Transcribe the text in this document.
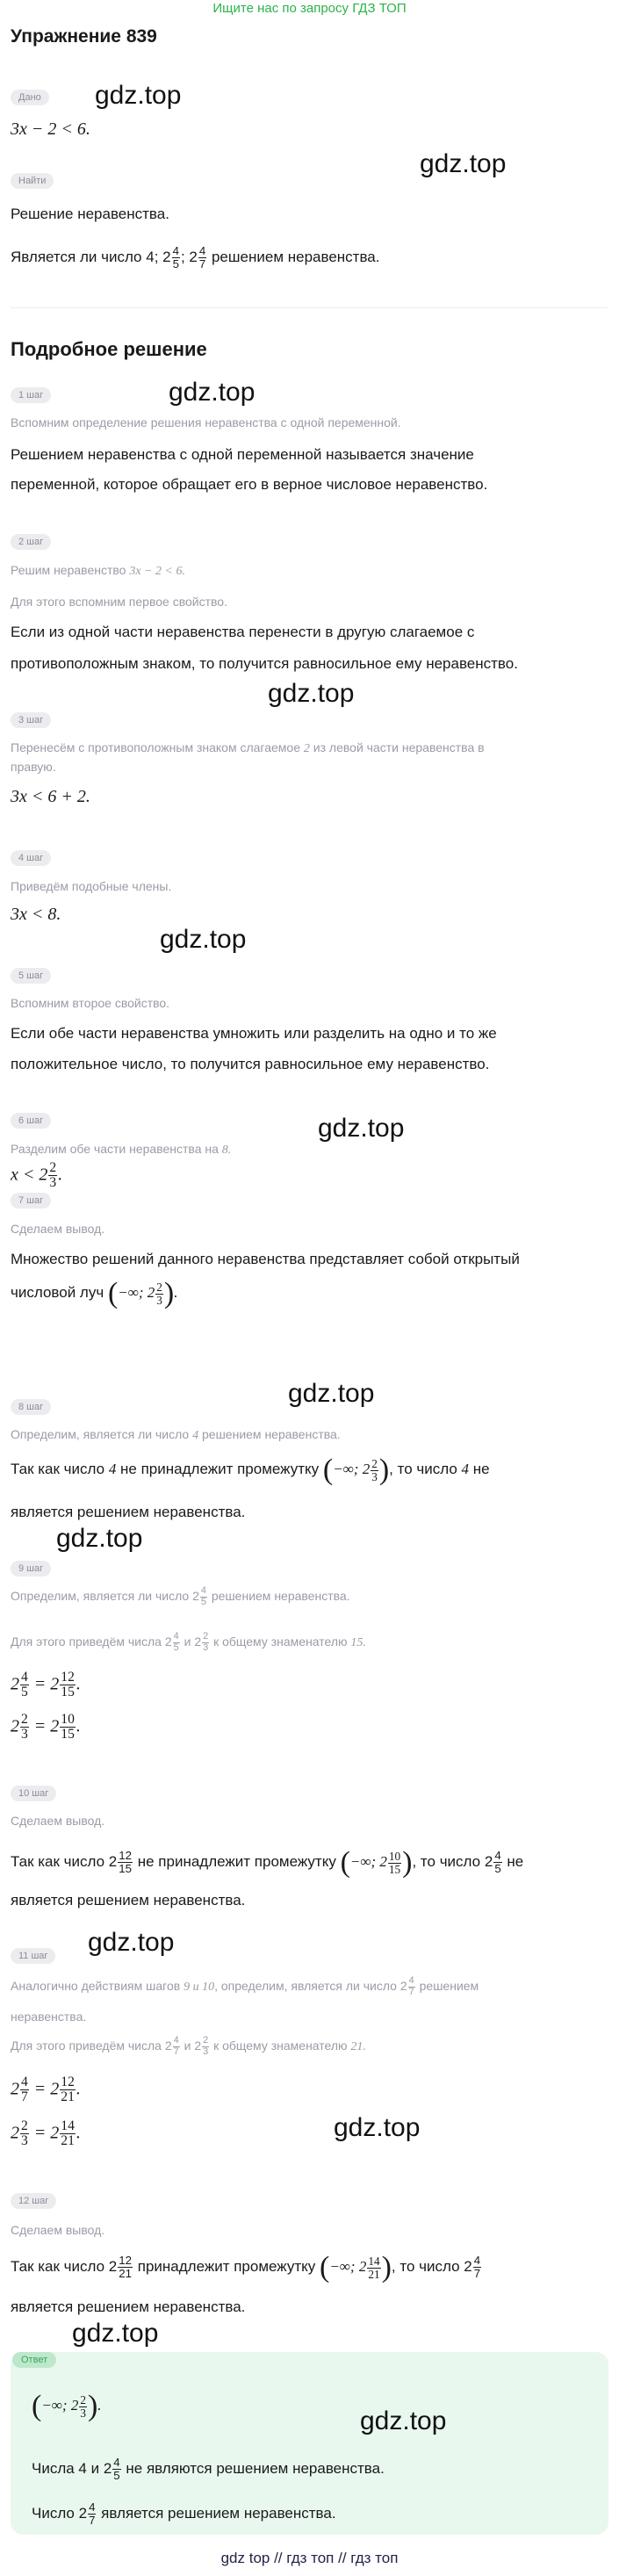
Ищите нас по запросу ГДЗ ТОП
Упражнение 839
Дано	gdz.top
3x − 2 < 6.
Найти
gdz.top
Решение неравенства.
Является ли число 4; $2 \frac{4}{5}$ ; $2 \frac{4}{7}$ решением неравенства.
Подробное решение
1 шаг	gdz.top
Вспомним определение решения неравенства с одной переменной.
Решением неравенства с одной переменной называется значение
переменной, которое обращает его в верное числовое неравенство.
2 шаг
Решим неравенство 3x − 2 < 6.
Для этого вспомним первое свойство.
Если из одной части неравенства перенести в другую слагаемое с
противоположным знаком, то получится равносильное ему неравенство.
gdz.top
3 шаг
Перенесём с противоположным знаком слагаемое 2 из левой части неравенства в
правую.
3x < 6 + 2.
4 шаг
Приведём подобные члены.
3x < 8.
gdz.top
5 шаг
Вспомним второе свойство.
Если обе части неравенства умножить или разделить на одно и то же
положительное число, то получится равносильное ему неравенство.
6 шаг	gdz.top
Разделим обе части неравенства на 8.
$x < 2 \frac{2}{3}$ .
7 шаг
Сделаем вывод.
Множество решений данного неравенства представляет собой открытый
числовой луч (−∞; $2 \frac{2}{3}$ ).
gdz.top
8 шаг
Определим, является ли число 4 решением неравенства.
Так как число 4 не принадлежит промежутку (−∞; $2 \frac{2}{3}$ ), то число 4 не
является решением неравенства.
gdz.top
9 шаг
Определим, является ли число $2 \frac{4}{5}$ решением неравенства.
Для этого приведём числа $2 \frac{4}{5}$ и $2 \frac{2}{3}$ к общему знаменателю 15.
$2 \frac{4}{5} = 2 \frac{12}{15}$ .
$2 \frac{2}{3} = 2 \frac{10}{15}$ .
10 шаг
Сделаем вывод.
Так как число $2 \frac{12}{15}$ не принадлежит промежутку (−∞; $2 \frac{10}{15}$ ), то число $2 \frac{4}{5}$ не
является решением неравенства.
gdz.top
11 шаг
Аналогично действиям шагов 9 и 10, определим, является ли число $2 \frac{4}{7}$ решением
неравенства.
Для этого приведём числа $2 \frac{4}{7}$ и $2 \frac{2}{3}$ к общему знаменателю 21.
$2 \frac{4}{7} = 2 \frac{12}{21}$ .
gdz.top
$2 \frac{2}{3} = 2 \frac{14}{21}$ .
12 шаг
Сделаем вывод.
Так как число $2 \frac{12}{21}$ принадлежит промежутку (−∞; $2 \frac{14}{21}$ ), то число $2 \frac{4}{7}$
является решением неравенства.
gdz.top
Ответ
(−∞; $2 \frac{2}{3}$ ).
gdz.top
Числа 4 и $2 \frac{4}{5}$ не являются решением неравенства.
Число $2 \frac{4}{7}$ является решением неравенства.
gdz top // гдз топ // гдз топ
